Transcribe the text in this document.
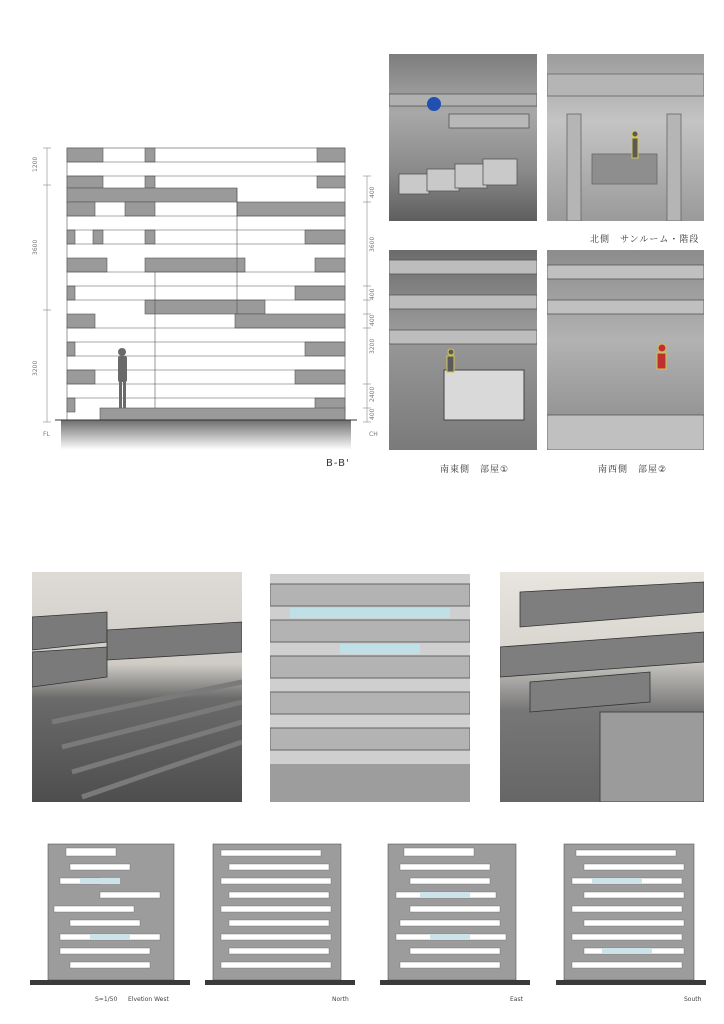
1200
3600
3200
FL	CH
400
3600
400
400
3200
2400
400
B-B'
北側　サンルーム・階段
南東側　部屋①	南西側　部屋②
S=1/50 Elvetion West	North	East	South
